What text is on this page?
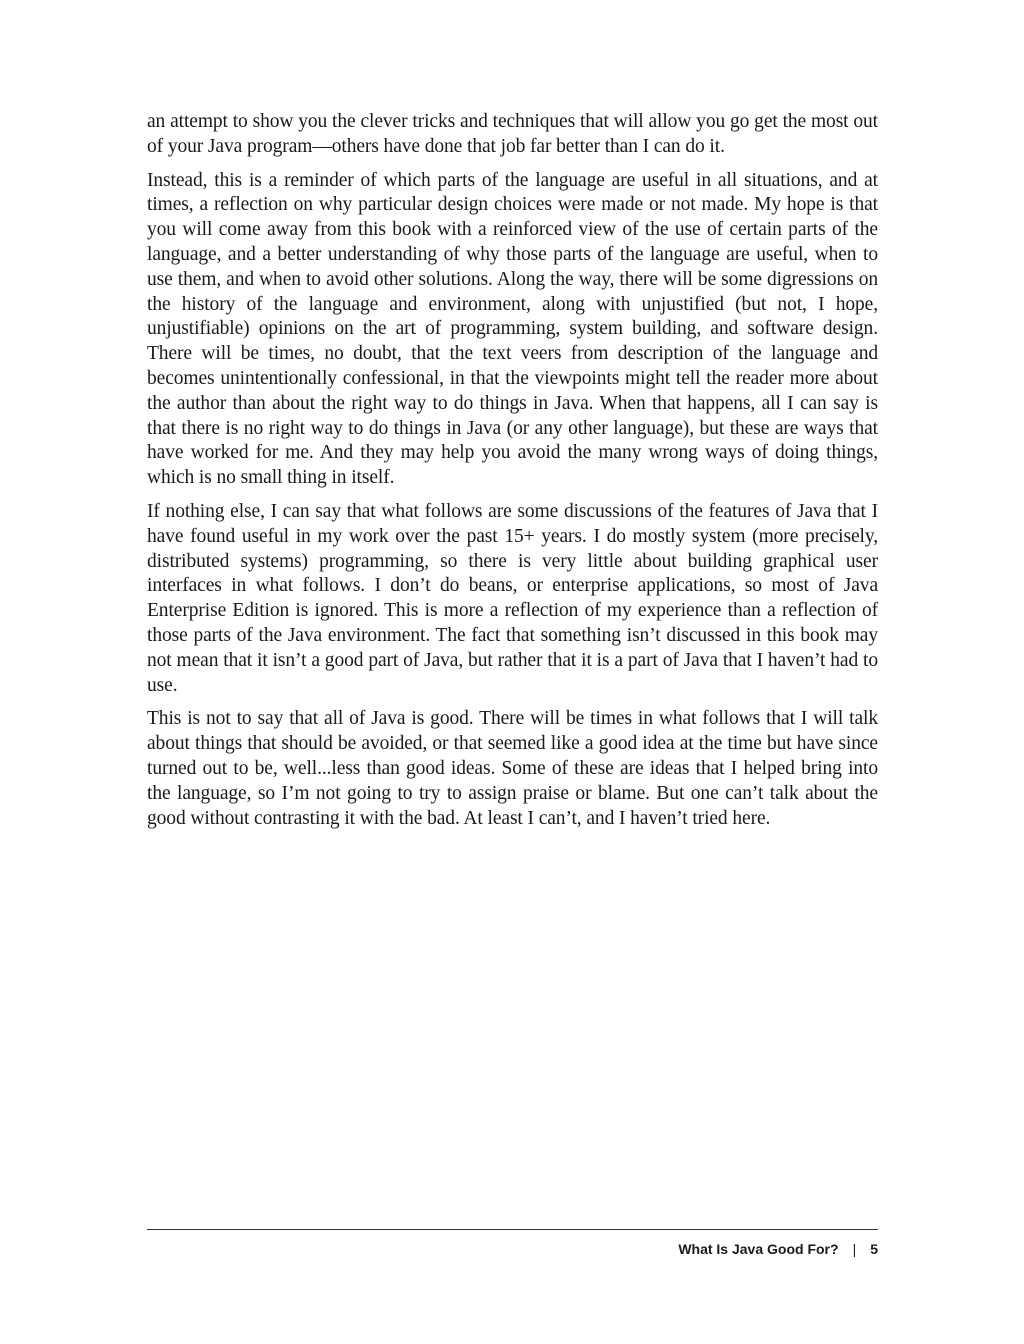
an attempt to show you the clever tricks and techniques that will allow you go get the most out of your Java program—others have done that job far better than I can do it.

Instead, this is a reminder of which parts of the language are useful in all situations, and at times, a reflection on why particular design choices were made or not made. My hope is that you will come away from this book with a reinforced view of the use of certain parts of the language, and a better understanding of why those parts of the language are useful, when to use them, and when to avoid other solutions. Along the way, there will be some digressions on the history of the language and environment, along with unjustified (but not, I hope, unjustifiable) opinions on the art of programming, system building, and software design. There will be times, no doubt, that the text veers from description of the language and becomes unintentionally confessional, in that the viewpoints might tell the reader more about the author than about the right way to do things in Java. When that happens, all I can say is that there is no right way to do things in Java (or any other language), but these are ways that have worked for me. And they may help you avoid the many wrong ways of doing things, which is no small thing in itself.

If nothing else, I can say that what follows are some discussions of the features of Java that I have found useful in my work over the past 15+ years. I do mostly system (more precisely, distributed systems) programming, so there is very little about building graphical user interfaces in what follows. I don’t do beans, or enterprise applications, so most of Java Enterprise Edition is ignored. This is more a reflection of my experience than a reflection of those parts of the Java environment. The fact that something isn’t discussed in this book may not mean that it isn’t a good part of Java, but rather that it is a part of Java that I haven’t had to use.

This is not to say that all of Java is good. There will be times in what follows that I will talk about things that should be avoided, or that seemed like a good idea at the time but have since turned out to be, well...less than good ideas. Some of these are ideas that I helped bring into the language, so I’m not going to try to assign praise or blame. But one can’t talk about the good without contrasting it with the bad. At least I can’t, and I haven’t tried here.

What Is Java Good For? | 5
